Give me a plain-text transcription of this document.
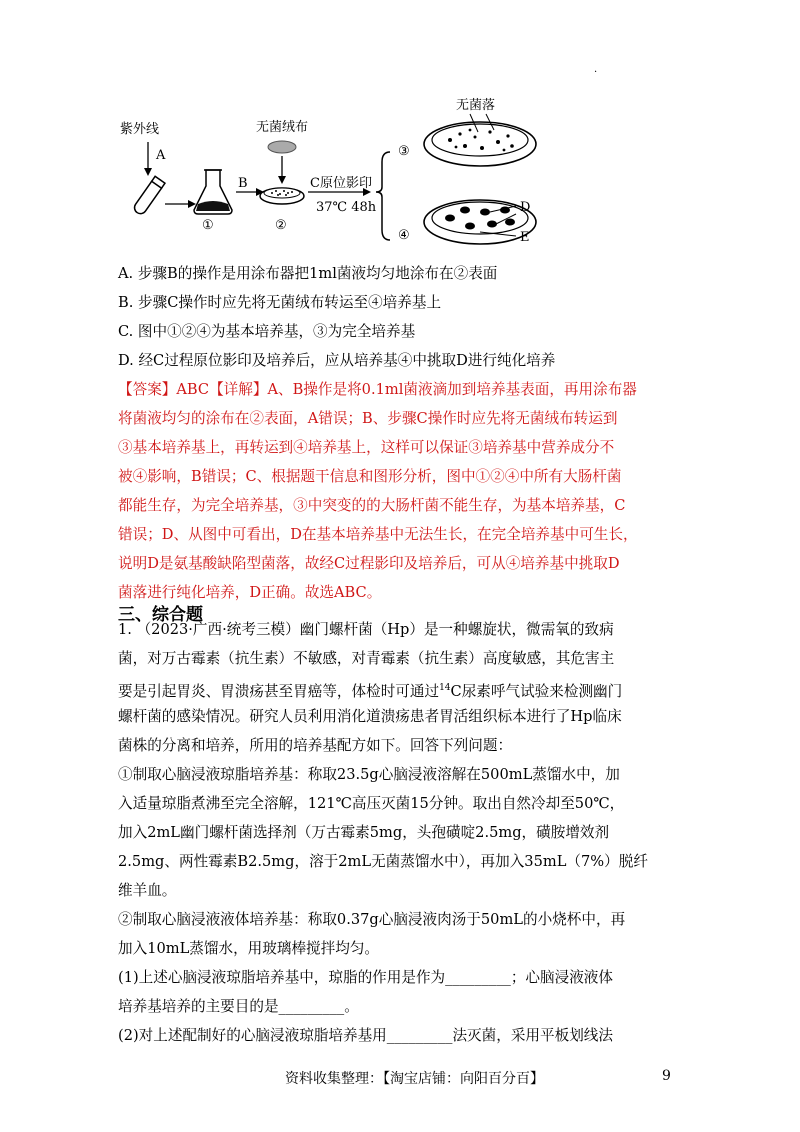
.
紫外线
A
①
B
无菌绒布
②
C原位影印
37℃ 48h
③
④
无菌落
D
E
A. 步骤B的操作是用涂布器把1ml菌液均匀地涂布在②表面
B. 步骤C操作时应先将无菌绒布转运至④培养基上
C. 图中①②④为基本培养基，③为完全培养基
D. 经C过程原位影印及培养后，应从培养基④中挑取D进行纯化培养
【答案】ABC【详解】A、B操作是将0.1ml菌液滴加到培养基表面，再用涂布器
将菌液均匀的涂布在②表面，A错误；B、步骤C操作时应先将无菌绒布转运到
③基本培养基上，再转运到④培养基上，这样可以保证③培养基中营养成分不
被④影响，B错误；C、根据题干信息和图形分析，图中①②④中所有大肠杆菌
都能生存，为完全培养基，③中突变的的大肠杆菌不能生存，为基本培养基，C
错误；D、从图中可看出，D在基本培养基中无法生长，在完全培养基中可生长，
说明D是氨基酸缺陷型菌落，故经C过程影印及培养后，可从④培养基中挑取D
菌落进行纯化培养，D正确。故选ABC。
三、综合题
1. （2023·广西·统考三模）幽门螺杆菌（Hp）是一种螺旋状，微需氧的致病
菌，对万古霉素（抗生素）不敏感，对青霉素（抗生素）高度敏感，其危害主
要是引起胃炎、胃溃疡甚至胃癌等，体检时可通过$^{14}$C尿素呼气试验来检测幽门
螺杆菌的感染情况。研究人员利用消化道溃疡患者胃活组织标本进行了Hp临床
菌株的分离和培养，所用的培养基配方如下。回答下列问题：
①制取心脑浸液琼脂培养基：称取23.5g心脑浸液溶解在500mL蒸馏水中，加
入适量琼脂煮沸至完全溶解，121℃高压灭菌15分钟。取出自然冷却至50℃，
加入2mL幽门螺杆菌选择剂（万古霉素5mg，头孢磺啶2.5mg，磺胺增效剂
2.5mg、两性霉素B2.5mg，溶于2mL无菌蒸馏水中），再加入35mL（7%）脱纤
维羊血。
②制取心脑浸液液体培养基：称取0.37g心脑浸液肉汤于50mL的小烧杯中，再
加入10mL蒸馏水，用玻璃棒搅拌均匀。
(1)上述心脑浸液琼脂培养基中，琼脂的作用是作为_________；心脑浸液液体
培养基培养的主要目的是_________。
(2)对上述配制好的心脑浸液琼脂培养基用_________法灭菌，采用平板划线法
资料收集整理：【淘宝店铺：向阳百分百】	9
